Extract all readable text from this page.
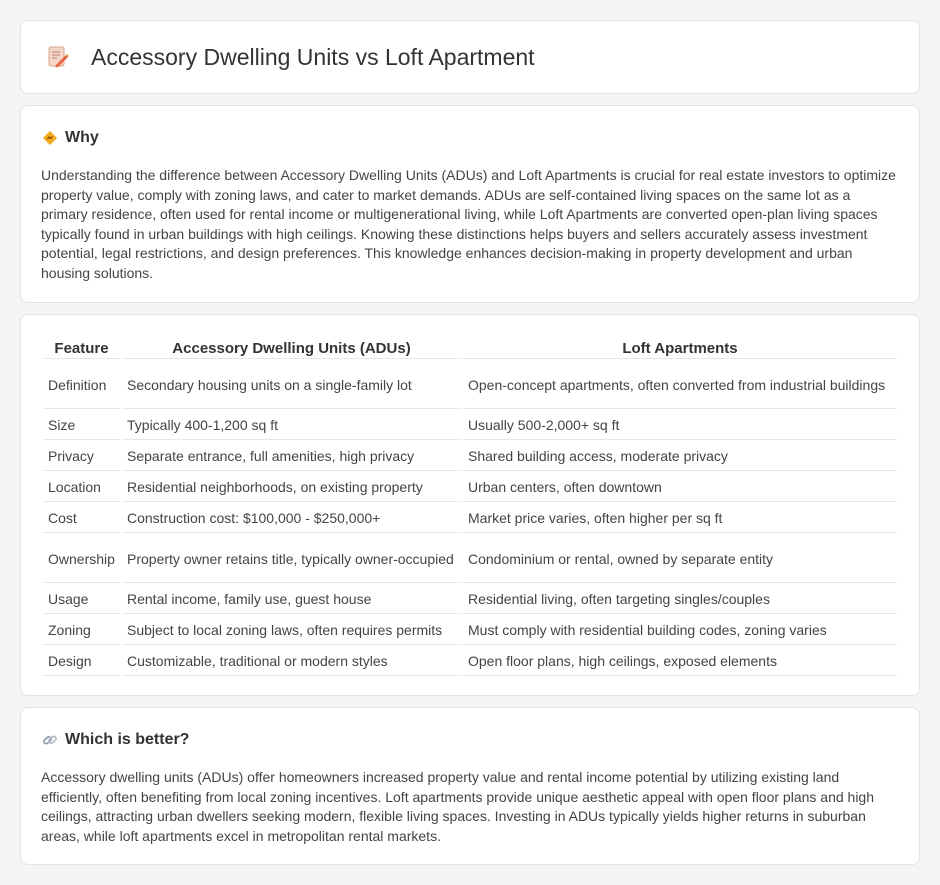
Accessory Dwelling Units vs Loft Apartment
Why

Understanding the difference between Accessory Dwelling Units (ADUs) and Loft Apartments is crucial for real estate investors to optimize property value, comply with zoning laws, and cater to market demands. ADUs are self-contained living spaces on the same lot as a primary residence, often used for rental income or multigenerational living, while Loft Apartments are converted open-plan living spaces typically found in urban buildings with high ceilings. Knowing these distinctions helps buyers and sellers accurately assess investment potential, legal restrictions, and design preferences. This knowledge enhances decision-making in property development and urban housing solutions.

Feature	Accessory Dwelling Units (ADUs)	Loft Apartments
Definition	Secondary housing units on a single-family lot	Open-concept apartments, often converted from industrial buildings
Size	Typically 400-1,200 sq ft	Usually 500-2,000+ sq ft
Privacy	Separate entrance, full amenities, high privacy	Shared building access, moderate privacy
Location	Residential neighborhoods, on existing property	Urban centers, often downtown
Cost	Construction cost: $100,000 - $250,000+	Market price varies, often higher per sq ft
Ownership	Property owner retains title, typically owner-occupied	Condominium or rental, owned by separate entity
Usage	Rental income, family use, guest house	Residential living, often targeting singles/couples
Zoning	Subject to local zoning laws, often requires permits	Must comply with residential building codes, zoning varies
Design	Customizable, traditional or modern styles	Open floor plans, high ceilings, exposed elements
Which is better?

Accessory dwelling units (ADUs) offer homeowners increased property value and rental income potential by utilizing existing land efficiently, often benefiting from local zoning incentives. Loft apartments provide unique aesthetic appeal with open floor plans and high ceilings, attracting urban dwellers seeking modern, flexible living spaces. Investing in ADUs typically yields higher returns in suburban areas, while loft apartments excel in metropolitan rental markets.
